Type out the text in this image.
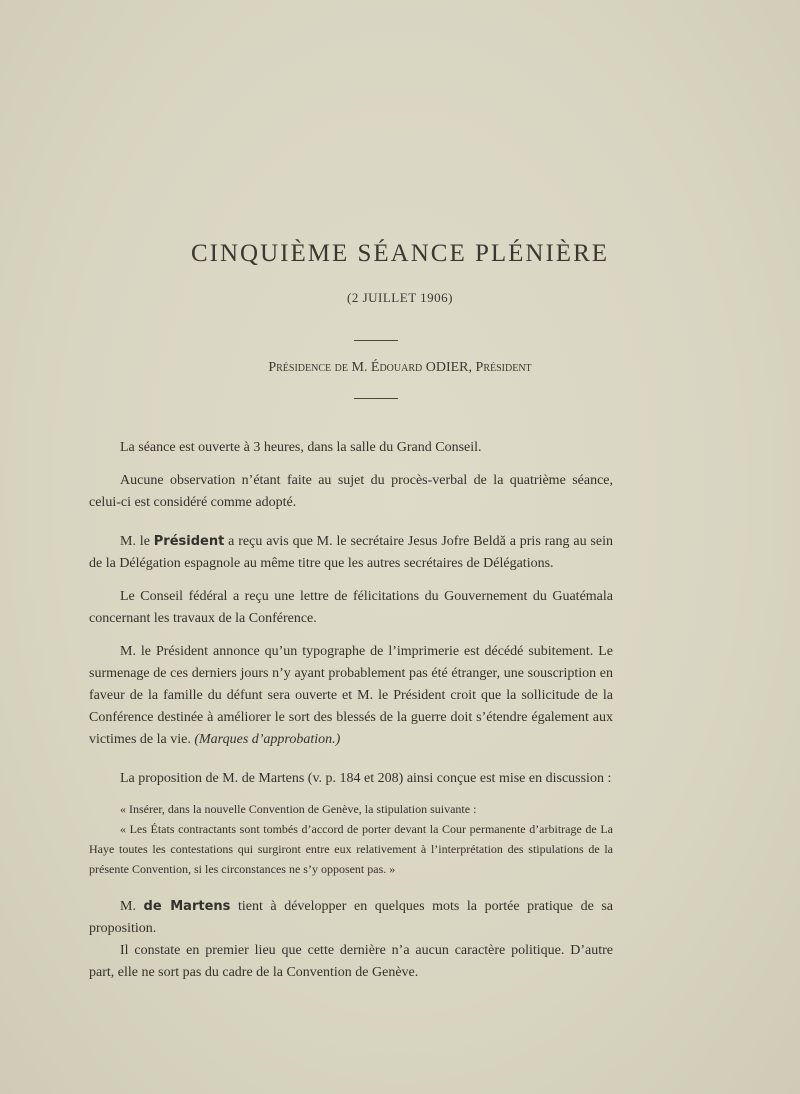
CINQUIÈME SÉANCE PLÉNIÈRE
(2 JUILLET 1906)
Présidence de M. Édouard ODIER, Président

La séance est ouverte à 3 heures, dans la salle du Grand Conseil.

Aucune observation n’étant faite au sujet du procès-verbal de la quatrième séance, celui-ci est considéré comme adopté.

M. le Président a reçu avis que M. le secrétaire Jesus Jofre Beldă a pris rang au sein de la Délégation espagnole au même titre que les autres secrétaires de Délégations.

Le Conseil fédéral a reçu une lettre de félicitations du Gouvernement du Guatémala concernant les travaux de la Conférence.

M. le Président annonce qu’un typographe de l’imprimerie est décédé subitement. Le surmenage de ces derniers jours n’y ayant probablement pas été étranger, une souscription en faveur de la famille du défunt sera ouverte et M. le Président croit que la sollicitude de la Conférence destinée à améliorer le sort des blessés de la guerre doit s’étendre également aux victimes de la vie. (Marques d’approbation.)

La proposition de M. de Martens (v. p. 184 et 208) ainsi conçue est mise en discussion :

« Insérer, dans la nouvelle Convention de Genève, la stipulation suivante :

« Les États contractants sont tombés d’accord de porter devant la Cour permanente d’arbitrage de La Haye toutes les contestations qui surgiront entre eux relativement à l’interprétation des stipulations de la présente Convention, si les circonstances ne s’y opposent pas. »

M. de Martens tient à développer en quelques mots la portée pratique de sa proposition.

Il constate en premier lieu que cette dernière n’a aucun caractère politique. D’autre part, elle ne sort pas du cadre de la Convention de Genève.
